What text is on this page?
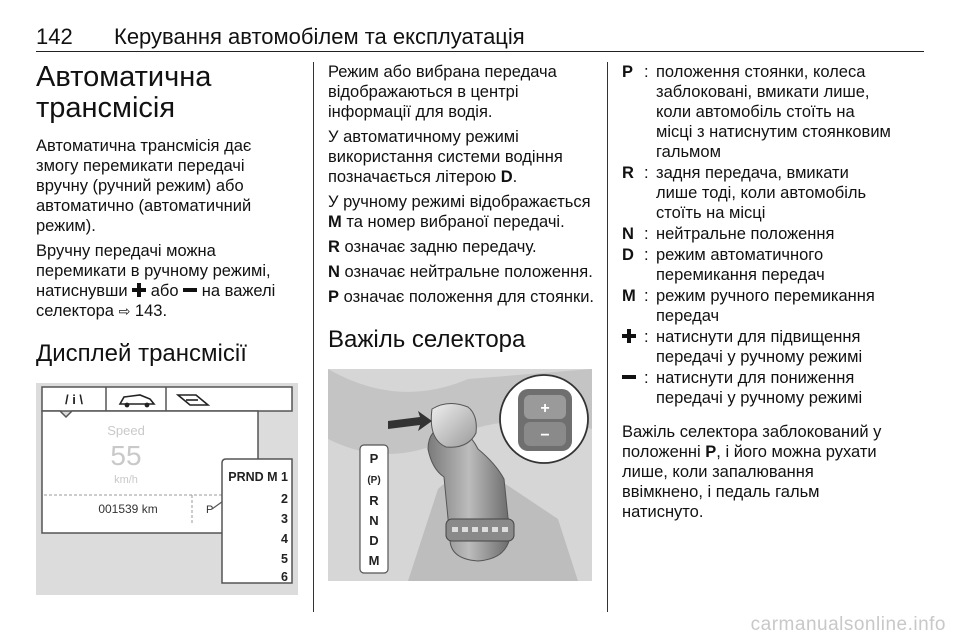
142 Керування автомобілем та експлуатація
Автоматична
трансмісія

Автоматична трансмісія дає змогу перемикати передачі вручну (ручний режим) або автоматично (автоматичний режим).

Вручну передачі можна перемикати в ручному режимі, натиснувши або на важелі селектора ⇨ 143.

Дисплей трансмісії
/ i \
Speed
55
km/h
001539 km	P
PRND M 1
2
3
4
5
6

Режим або вибрана передача відображаються в центрі інформації для водія.

У автоматичному режимі використання системи водіння позначається літерою D.

У ручному режимі відображається M та номер вибраної передачі.

R означає задню передачу.

N означає нейтральне положення.

P означає положення для стоянки.

Важіль селектора
+
−
P
(P)
R
N
D
M
P : положення стоянки, колеса заблоковані, вмикати лише, коли автомобіль стоїть на місці з натиснутим стоянковим гальмом
R : задня передача, вмикати лише тоді, коли автомобіль стоїть на місці
N : нейтральне положення
D : режим автоматичного перемикання передач
M : режим ручного перемикання передач
: натиснути для підвищення передачі у ручному режимі
: натиснути для пониження передачі у ручному режимі

Важіль селектора заблокований у положенні P, і його можна рухати лише, коли запалювання ввімкнено, і педаль гальм натиснуто.

carmanualsonline.info
